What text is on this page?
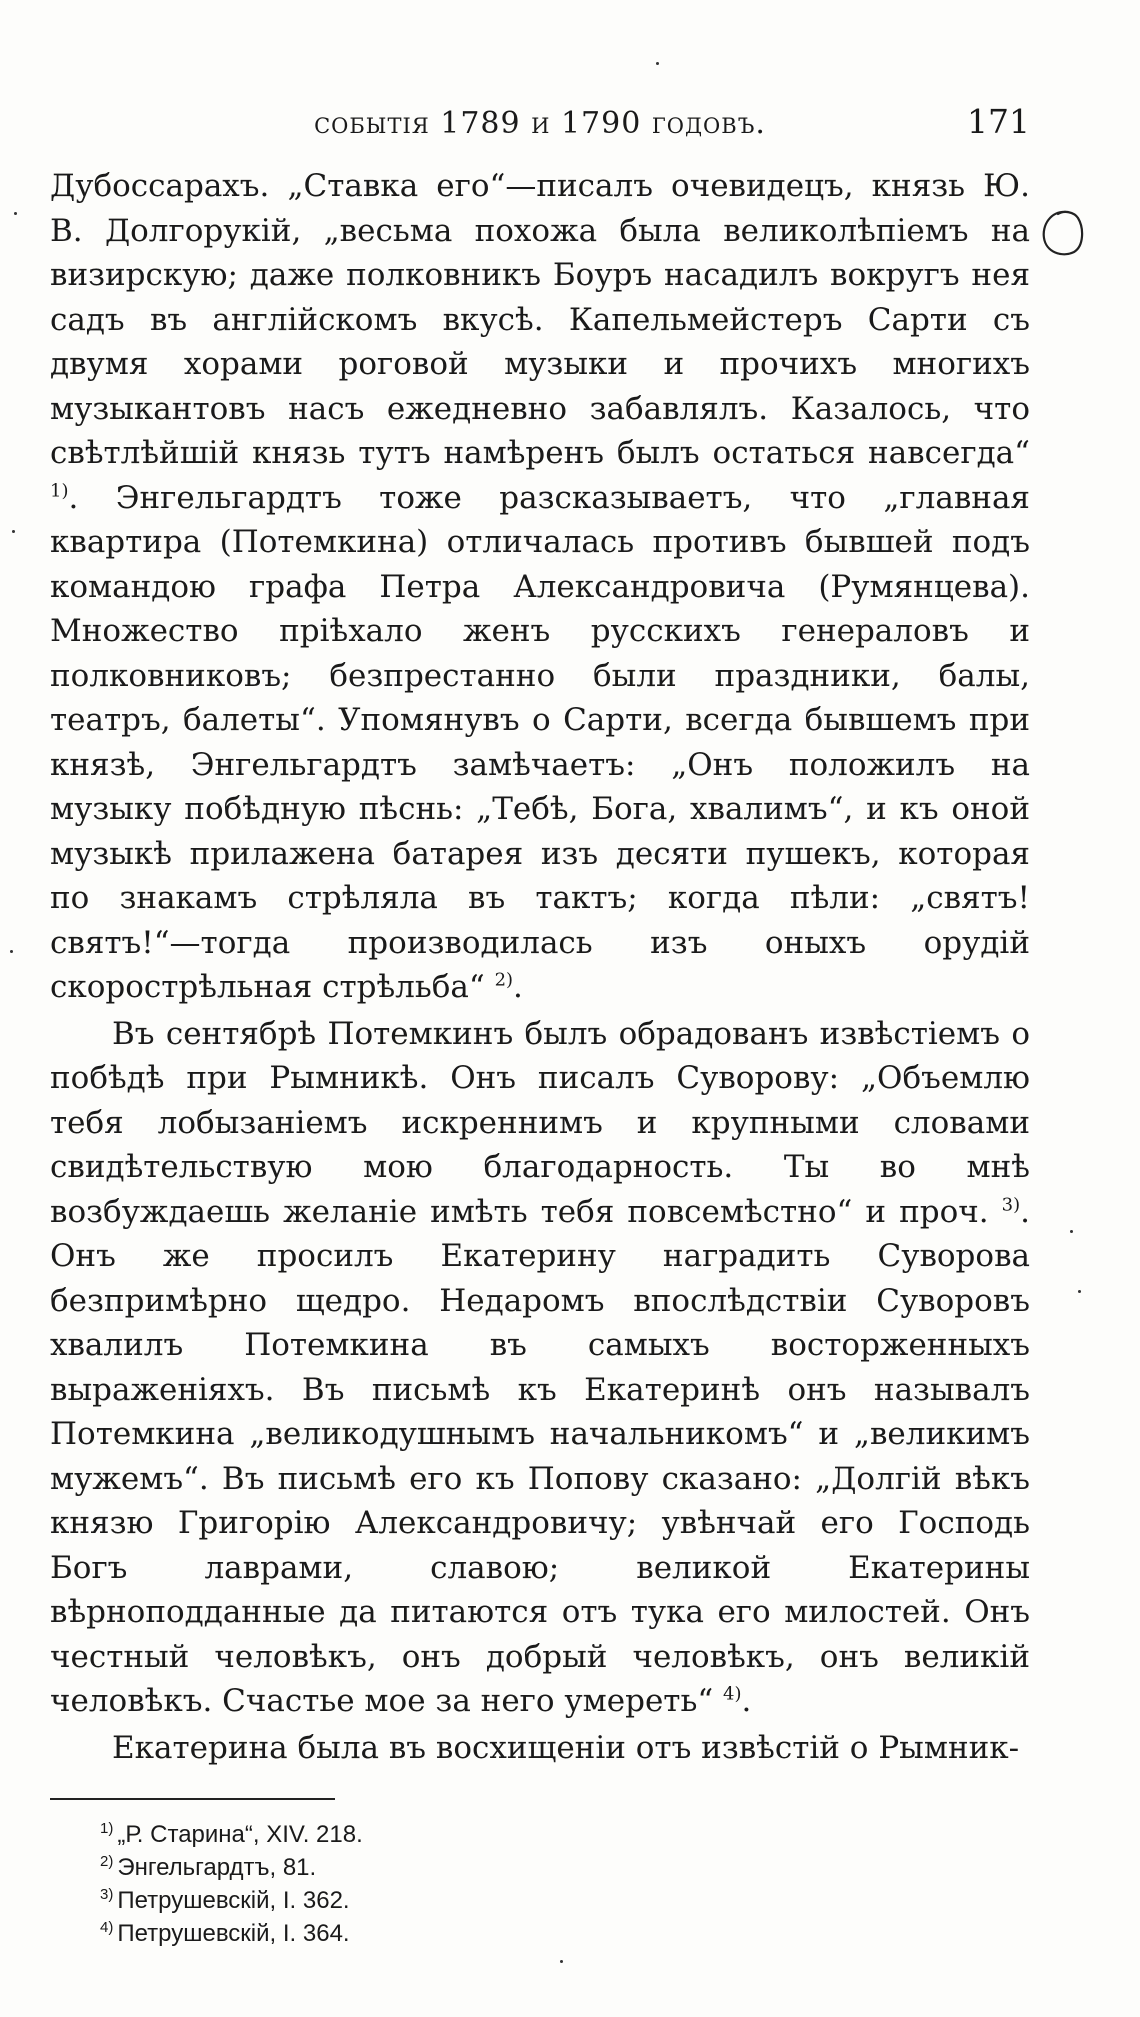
событія 1789 и 1790 годовъ.	171

Дубоссарахъ. „Ставка его“—писалъ очевидецъ, князь Ю. В. Долгорукій, „весьма похожа была великолѣпіемъ на визирскую; даже полковникъ Боуръ насадилъ вокругъ нея садъ въ англійскомъ вкусѣ. Капельмейстеръ Сарти съ двумя хорами роговой музыки и прочихъ многихъ музыкантовъ насъ ежедневно забавлялъ. Казалось, что свѣтлѣйшій князь тутъ намѣренъ былъ остаться навсегда“ $^{1)}$. Энгельгардтъ тоже разсказываетъ, что „главная квартира (Потемкина) отличалась противъ бывшей подъ командою графа Петра Александровича (Румянцева). Множество пріѣхало женъ русскихъ генераловъ и полковниковъ; безпрестанно были праздники, балы, театръ, балеты“. Упомянувъ о Сарти, всегда бывшемъ при князѣ, Энгельгардтъ замѣчаетъ: „Онъ положилъ на музыку побѣдную пѣснь: „Тебѣ, Бога, хвалимъ“, и къ оной музыкѣ прилажена батарея изъ десяти пушекъ, которая по знакамъ стрѣляла въ тактъ; когда пѣли: „святъ! святъ!“—тогда производилась изъ оныхъ орудій скорострѣльная стрѣльба“ $^{2)}$.

Въ сентябрѣ Потемкинъ былъ обрадованъ извѣстіемъ о побѣдѣ при Рымникѣ. Онъ писалъ Суворову: „Объемлю тебя лобызаніемъ искреннимъ и крупными словами свидѣтельствую мою благодарность. Ты во мнѣ возбуждаешь желаніе имѣть тебя повсемѣстно“ и проч. $^{3)}$. Онъ же просилъ Екатерину наградить Суворова безпримѣрно щедро. Недаромъ впослѣдствіи Суворовъ хвалилъ Потемкина въ самыхъ восторженныхъ выраженіяхъ. Въ письмѣ къ Екатеринѣ онъ называлъ Потемкина „великодушнымъ начальникомъ“ и „великимъ мужемъ“. Въ письмѣ его къ Попову сказано: „Долгій вѣкъ князю Григорію Александровичу; увѣнчай его Господь Богъ лаврами, славою; великой Екатерины вѣрноподданные да питаются отъ тука его милостей. Онъ честный человѣкъ, онъ добрый человѣкъ, онъ великій человѣкъ. Счастье мое за него умереть“ $^{4)}$.

Екатерина была въ восхищеніи отъ извѣстій о Рымник-

$^{1)}$ „Р. Старина“, XIV. 218.

$^{2)}$ Энгельгардтъ, 81.

$^{3)}$ Петрушевскій, I. 362.

$^{4)}$ Петрушевскій, I. 364.
